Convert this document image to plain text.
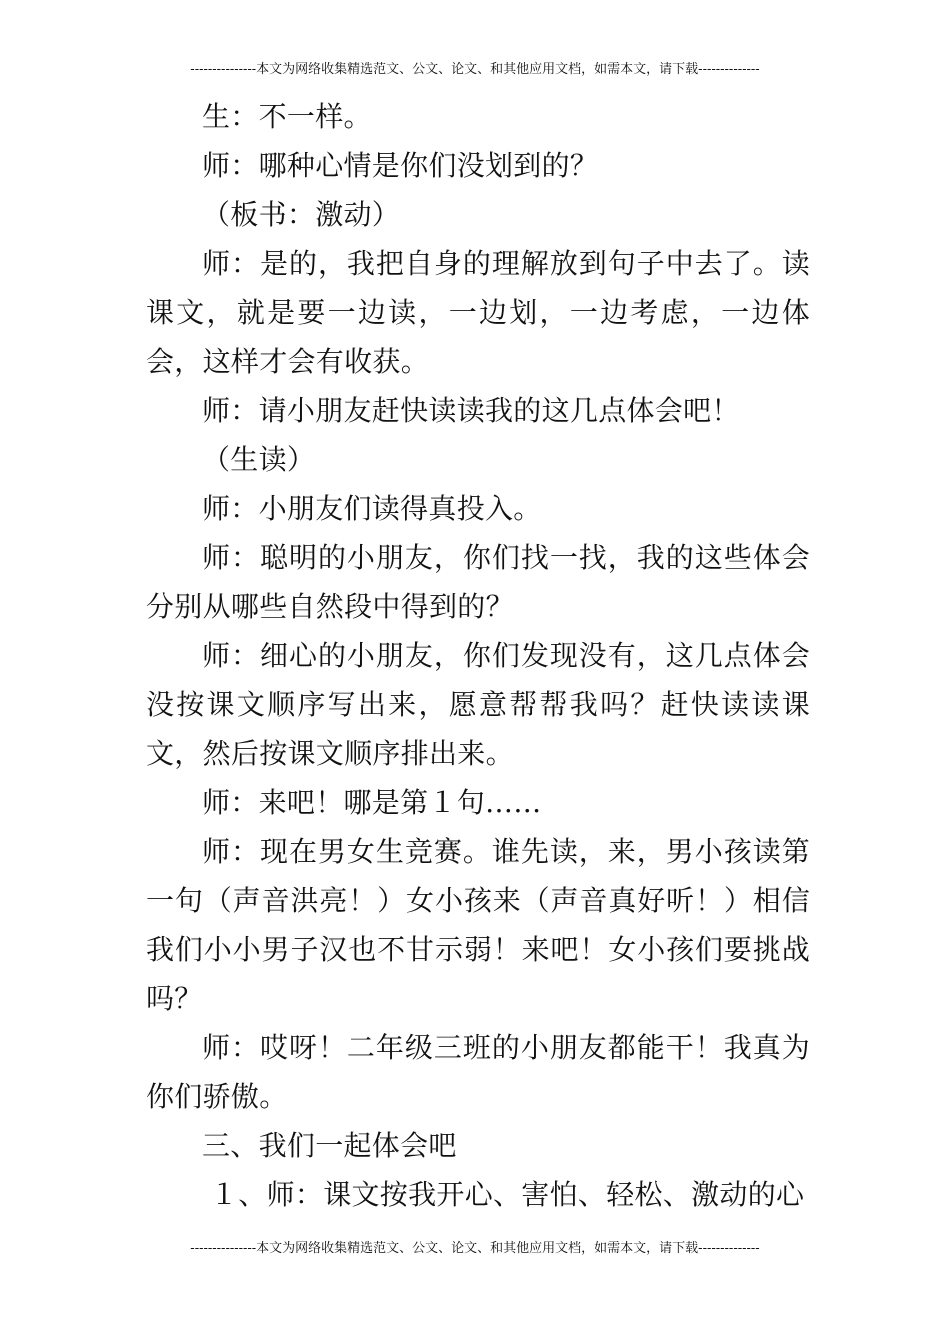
---------------本文为网络收集精选范文、公文、论文、和其他应用文档，如需本文，请下载--------------

生：不一样。

师：哪种心情是你们没划到的？

（板书：激动）

师：是的，我把自身的理解放到句子中去了。读课文，就是要一边读，一边划，一边考虑，一边体会，这样才会有收获。

师：请小朋友赶快读读我的这几点体会吧！

（生读）

师：小朋友们读得真投入。

师：聪明的小朋友，你们找一找，我的这些体会分别从哪些自然段中得到的？

师：细心的小朋友，你们发现没有，这几点体会没按课文顺序写出来，愿意帮帮我吗？赶快读读课文，然后按课文顺序排出来。

师：来吧！哪是第１句……

师：现在男女生竞赛。谁先读，来，男小孩读第一句（声音洪亮！）女小孩来（声音真好听！）相信我们小小男子汉也不甘示弱！来吧！女小孩们要挑战吗？

师：哎呀！二年级三班的小朋友都能干！我真为你们骄傲。

三、我们一起体会吧

１、师：课文按我开心、害怕、轻松、激动的心

---------------本文为网络收集精选范文、公文、论文、和其他应用文档，如需本文，请下载--------------
